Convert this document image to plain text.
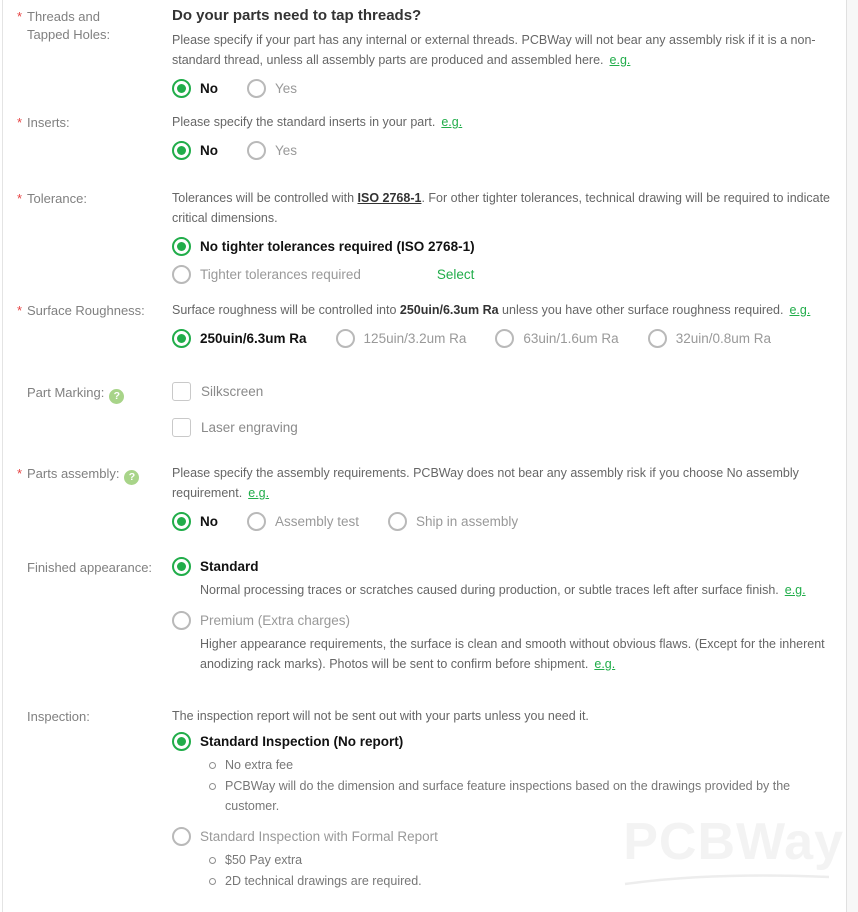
* Threads and
Tapped Holes:
Do your parts need to tap threads?
Please specify if your part has any internal or external threads. PCBWay will not bear any assembly risk if it is a non-standard thread, unless all assembly parts are produced and assembled here. e.g.
No	Yes
* Inserts:	Please specify the standard inserts in your part. e.g.
No	Yes
* Tolerance:	Tolerances will be controlled with ISO 2768-1. For other tighter tolerances, technical drawing will be required to indicate critical dimensions.
No tighter tolerances required (ISO 2768-1)
Tighter tolerances required	Select
* Surface Roughness:	Surface roughness will be controlled into 250uin/6.3um Ra unless you have other surface roughness required. e.g.
250uin/6.3um Ra	125uin/3.2um Ra	63uin/1.6um Ra	32uin/0.8um Ra
Part Marking: ?	Silkscreen
Laser engraving
* Parts assembly: ?	Please specify the assembly requirements. PCBWay does not bear any assembly risk if you choose No assembly requirement. e.g.
No	Assembly test	Ship in assembly
Finished appearance:	Standard
Normal processing traces or scratches caused during production, or subtle traces left after surface finish. e.g.
Premium (Extra charges)
Higher appearance requirements, the surface is clean and smooth without obvious flaws. (Except for the inherent anodizing rack marks). Photos will be sent to confirm before shipment. e.g.
Inspection:	The inspection report will not be sent out with your parts unless you need it.
Standard Inspection (No report)
No extra fee
PCBWay will do the dimension and surface feature inspections based on the drawings provided by the customer.
Standard Inspection with Formal Report
$50 Pay extra
2D technical drawings are required.
PCBWay
